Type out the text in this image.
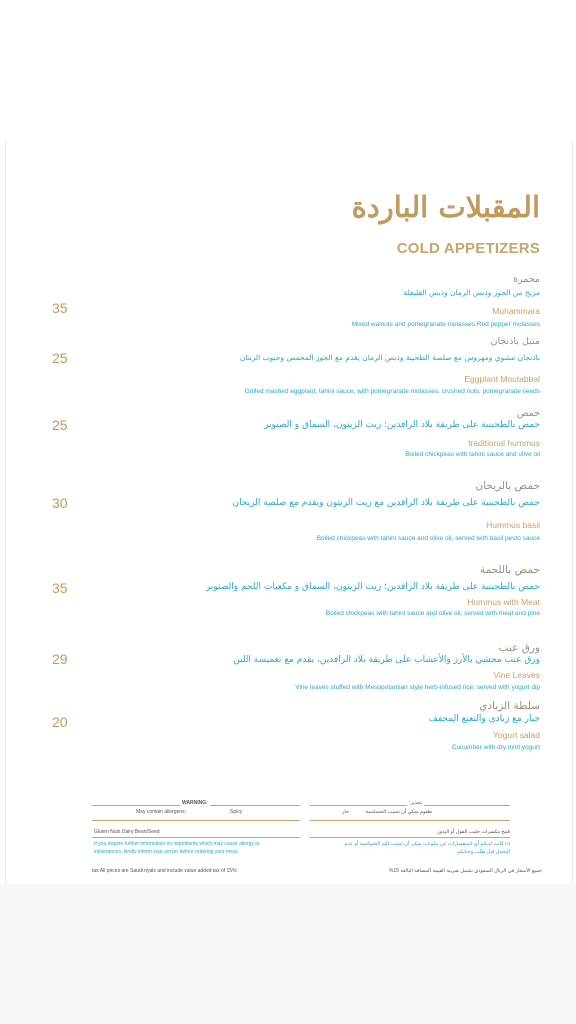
المقبلات الباردة
COLD APPETIZERS
محمرة
مزيج من الجوز ودبس الرمان ودبس الفليفلة
35	Muhammara
Mixed walnuts and pomegranate molasses Red pepper molasses
متبل باذنجان
25	باذنجان مشوي ومهروس مع صلصة الطحينة ودبس الرمان يقدم مع الجوز المحمص وحبوب الرمان
Eggplant Moutabbal
Grilled mashed eggplant, tahini sauce, with pomegranate molasses, crushed nuts, pomegranate seeds
حمص
25	حمص بالطحينية على طريقة بلاد الرافدين؛ زيت الزيتون، السماق و الصنوبر
traditional hummus
Boiled chickpeas with tahini sauce and olive oil
حمص بالريحان
30	حمص بالطحينية على طريقة بلاد الرافدين مع زيت الزيتون ويقدم مع صلصة الريحان
Hummus basil
Boiled chickpeas with tahini sauce and olive oil, served with basil pesto sauce
حمص باللحمة
35	حمص بالطحينية على طريقة بلاد الرافدين؛ زيت الزيتون، السماق و مكعبات اللحم والصنوبر
Hummus with Meat
Boiled chickpeas with tahini sauce and olive oil, served with meat and pine
ورق عنب
29	ورق عنب محشي بالأرز والأعشاب على طريقة بلاد الرافدين، يقدم مع تغميسة اللبن
Vine Leaves
Vine leaves stuffed with Mesopotamian style herb-infused rice; served with yogurt dip
سلطة الزبادي
20	خيار مع زبادي والنعنع المجفف
Yogurt salad
Cucumber with dry mint yogurt
WARNING:
May contain allergens:	Spicy
Gluten Nuts Dairy Bean/Seed
If you require further information on ingredients which may cause allergy or
intolerances, kindly inform your server before ordering your meal.
تحذير:
طعوم يمكن أن تسبب الحساسية:
حار
قمح مكسرات حليب الفول أو البذور
إذا كانت لديكم أي استفسارات عن مكونات يمكن أن تسبب لكم الحساسية أو عدم
التحمل قبل طلب وجباتكم
tax All prices are Saudi riyals and include value added tax of 15%	جميع الأسعار في الريال السعودي تشمل ضريبة القيمة المضافة البالغة 15%
